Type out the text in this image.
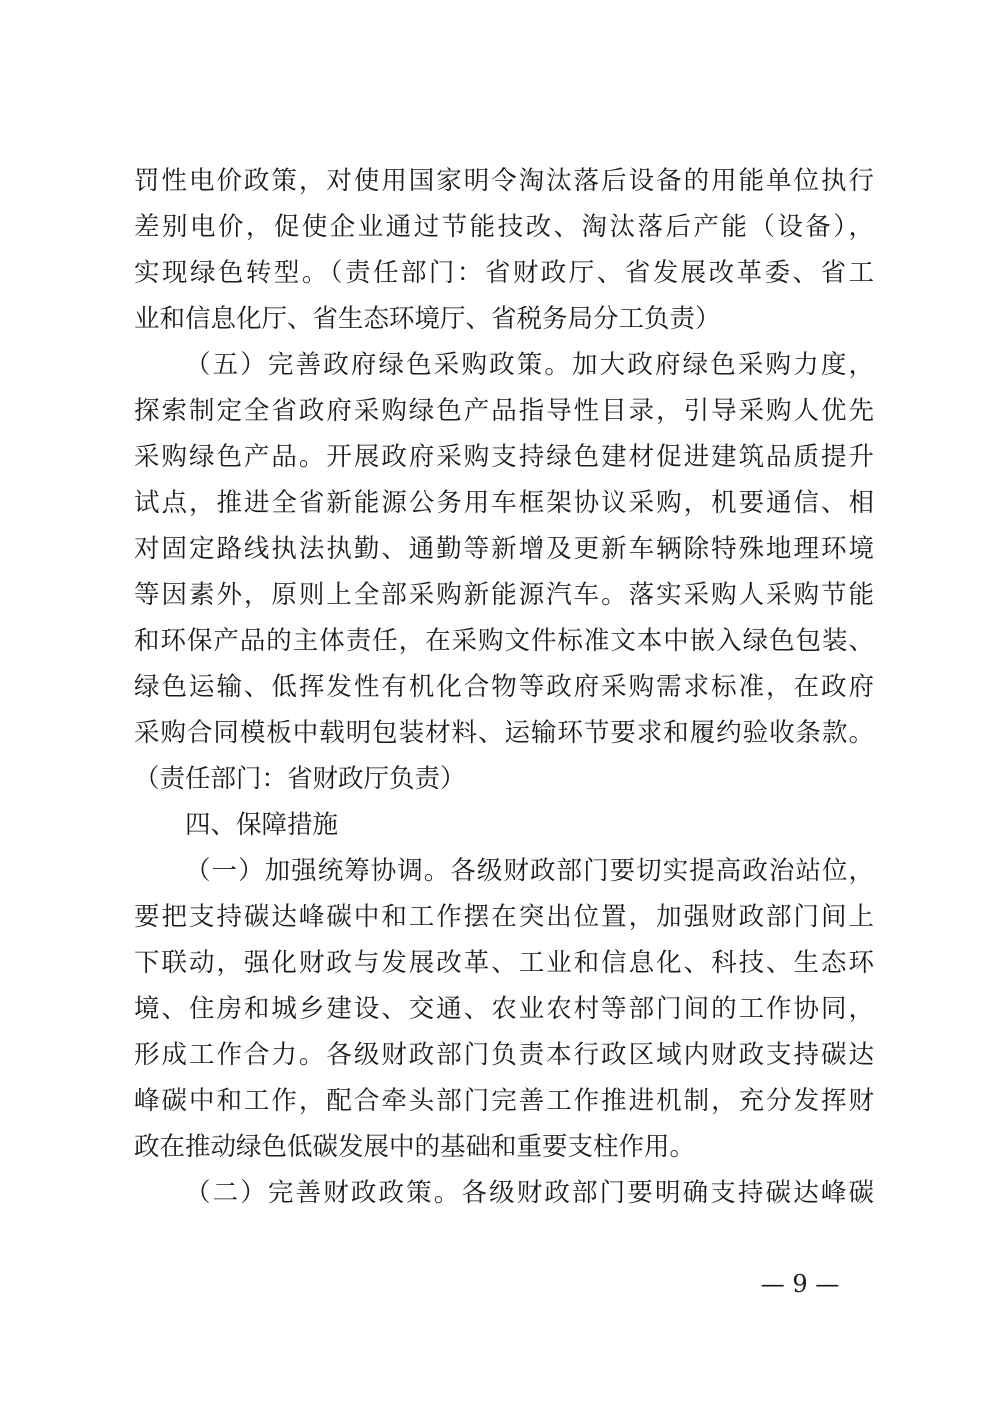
罚性电价政策，对使用国家明令淘汰落后设备的用能单位执行
差别电价，促使企业通过节能技改、淘汰落后产能（设备），
实现绿色转型。（责任部门：省财政厅、省发展改革委、省工
业和信息化厅、省生态环境厅、省税务局分工负责）
（五）完善政府绿色采购政策。加大政府绿色采购力度，
探索制定全省政府采购绿色产品指导性目录，引导采购人优先
采购绿色产品。开展政府采购支持绿色建材促进建筑品质提升
试点，推进全省新能源公务用车框架协议采购，机要通信、相
对固定路线执法执勤、通勤等新增及更新车辆除特殊地理环境
等因素外，原则上全部采购新能源汽车。落实采购人采购节能
和环保产品的主体责任，在采购文件标准文本中嵌入绿色包装、
绿色运输、低挥发性有机化合物等政府采购需求标准，在政府
采购合同模板中载明包装材料、运输环节要求和履约验收条款。
（责任部门：省财政厅负责）
四、保障措施
（一）加强统筹协调。各级财政部门要切实提高政治站位，
要把支持碳达峰碳中和工作摆在突出位置，加强财政部门间上
下联动，强化财政与发展改革、工业和信息化、科技、生态环
境、住房和城乡建设、交通、农业农村等部门间的工作协同，
形成工作合力。各级财政部门负责本行政区域内财政支持碳达
峰碳中和工作，配合牵头部门完善工作推进机制，充分发挥财
政在推动绿色低碳发展中的基础和重要支柱作用。
（二）完善财政政策。各级财政部门要明确支持碳达峰碳
— 9 —
